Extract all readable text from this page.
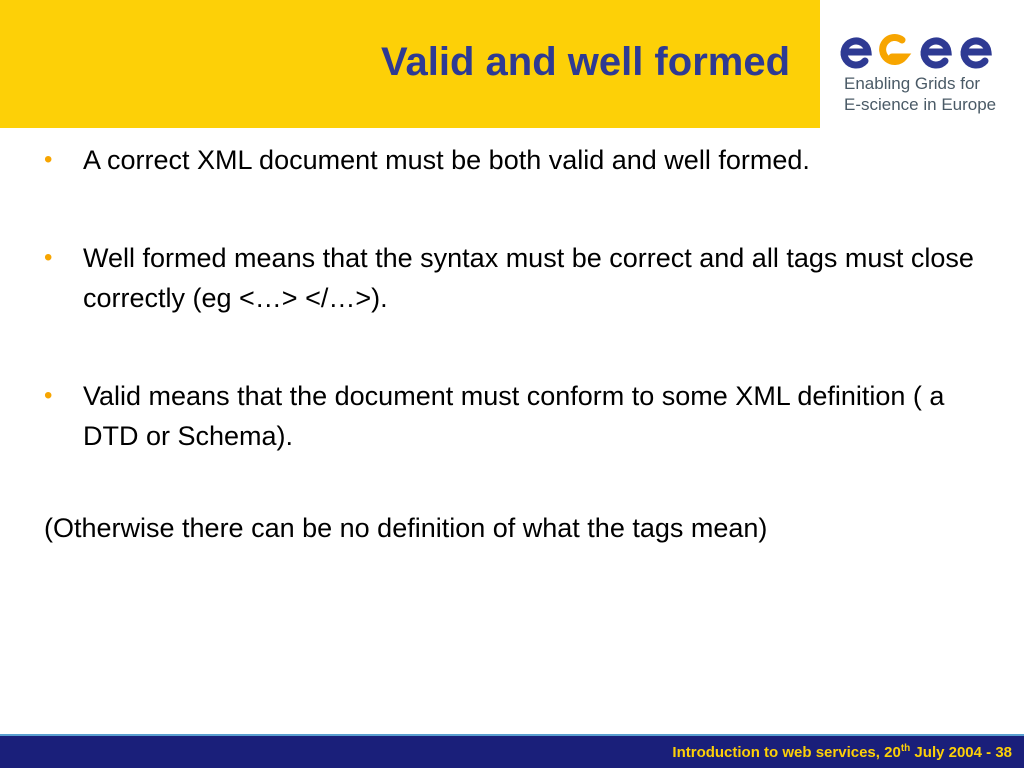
Valid and well formed	Enabling Grids for
E-science in Europe

• A correct XML document must be both valid and well formed.

• Well formed means that the syntax must be correct and all tags must close correctly (eg <…> </…>).

• Valid means that the document must conform to some XML definition ( a DTD or Schema).

(Otherwise there can be no definition of what the tags mean)

Introduction to web services, 20th July 2004 - 38
